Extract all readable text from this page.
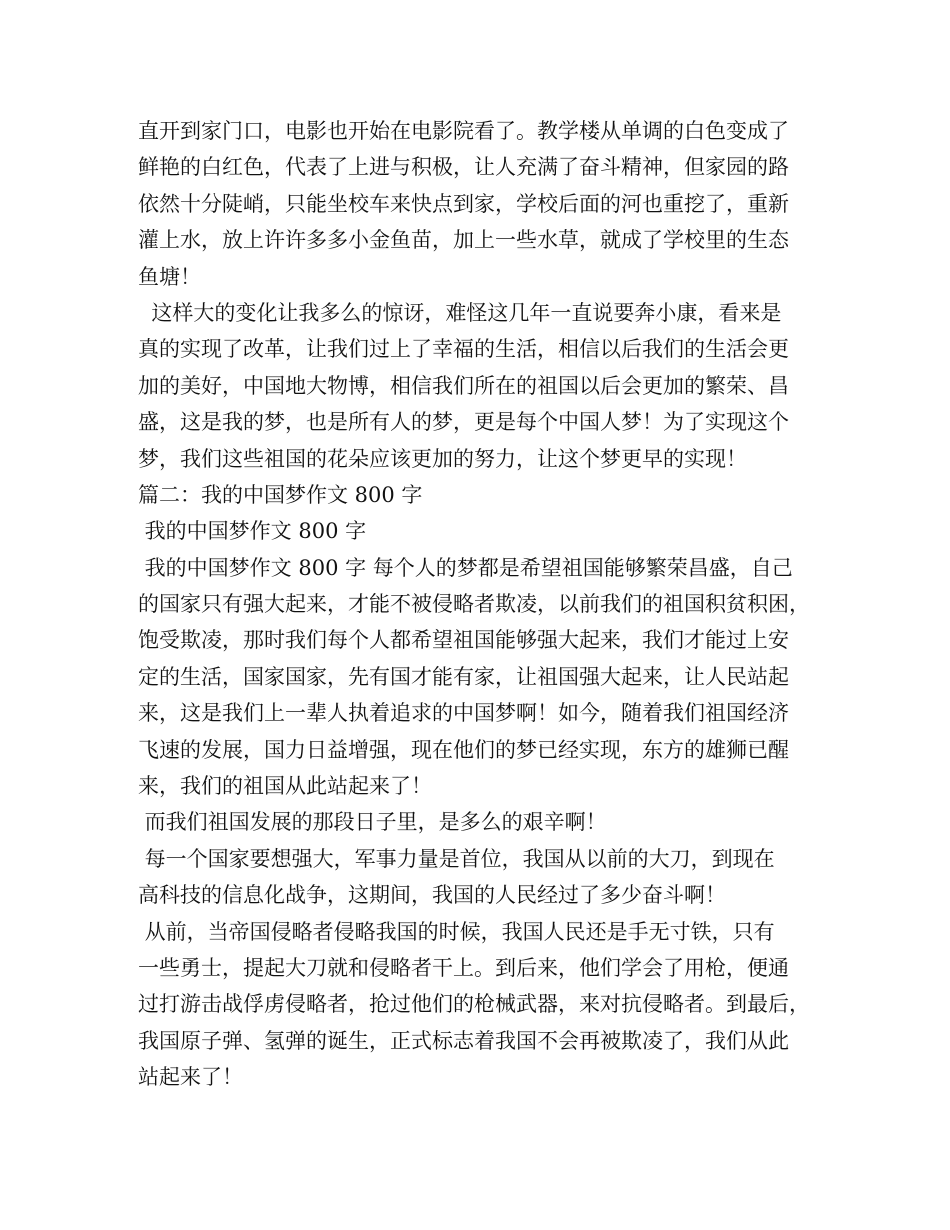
直开到家门口，电影也开始在电影院看了。教学楼从单调的白色变成了
鲜艳的白红色，代表了上进与积极，让人充满了奋斗精神，但家园的路
依然十分陡峭，只能坐校车来快点到家，学校后面的河也重挖了，重新
灌上水，放上许许多多小金鱼苗，加上一些水草，就成了学校里的生态
鱼塘！
这样大的变化让我多么的惊讶，难怪这几年一直说要奔小康，看来是
真的实现了改革，让我们过上了幸福的生活，相信以后我们的生活会更
加的美好，中国地大物博，相信我们所在的祖国以后会更加的繁荣、昌
盛，这是我的梦，也是所有人的梦，更是每个中国人梦！为了实现这个
梦，我们这些祖国的花朵应该更加的努力，让这个梦更早的实现！
篇二：我的中国梦作文 800 字
我的中国梦作文 800 字
我的中国梦作文 800 字 每个人的梦都是希望祖国能够繁荣昌盛，自己
的国家只有强大起来，才能不被侵略者欺凌，以前我们的祖国积贫积困，
饱受欺凌，那时我们每个人都希望祖国能够强大起来，我们才能过上安
定的生活，国家国家，先有国才能有家，让祖国强大起来，让人民站起
来，这是我们上一辈人执着追求的中国梦啊！如今，随着我们祖国经济
飞速的发展，国力日益增强，现在他们的梦已经实现，东方的雄狮已醒
来，我们的祖国从此站起来了！
而我们祖国发展的那段日子里，是多么的艰辛啊！
每一个国家要想强大，军事力量是首位，我国从以前的大刀，到现在
高科技的信息化战争，这期间，我国的人民经过了多少奋斗啊！
从前，当帝国侵略者侵略我国的时候，我国人民还是手无寸铁，只有
一些勇士，提起大刀就和侵略者干上。到后来，他们学会了用枪，便通
过打游击战俘虏侵略者，抢过他们的枪械武器，来对抗侵略者。到最后，
我国原子弹、氢弹的诞生，正式标志着我国不会再被欺凌了，我们从此
站起来了！
